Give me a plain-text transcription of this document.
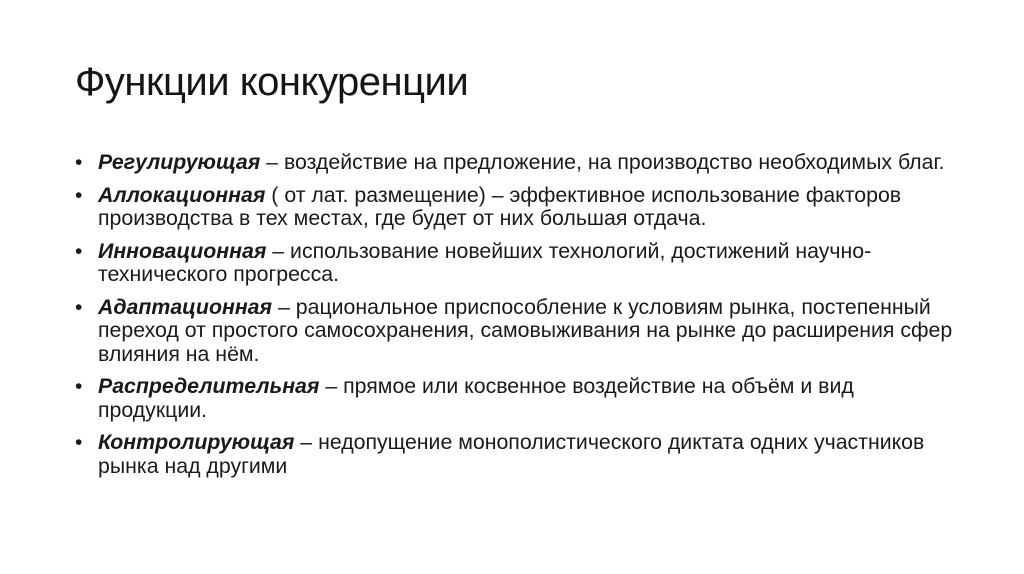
Функции конкуренции
• Регулирующая – воздействие на предложение, на производство необходимых благ.
• Аллокационная ( от лат. размещение) – эффективное использование факторов производства в тех местах, где будет от них большая отдача.
• Инновационная – использование новейших технологий, достижений научно- технического прогресса.
• Адаптационная – рациональное приспособление к условиям рынка, постепенный переход от простого самосохранения, самовыживания на рынке до расширения сфер влияния на нём.
• Распределительная – прямое или косвенное воздействие на объём и вид продукции.
• Контролирующая – недопущение монополистического диктата одних участников рынка над другими
